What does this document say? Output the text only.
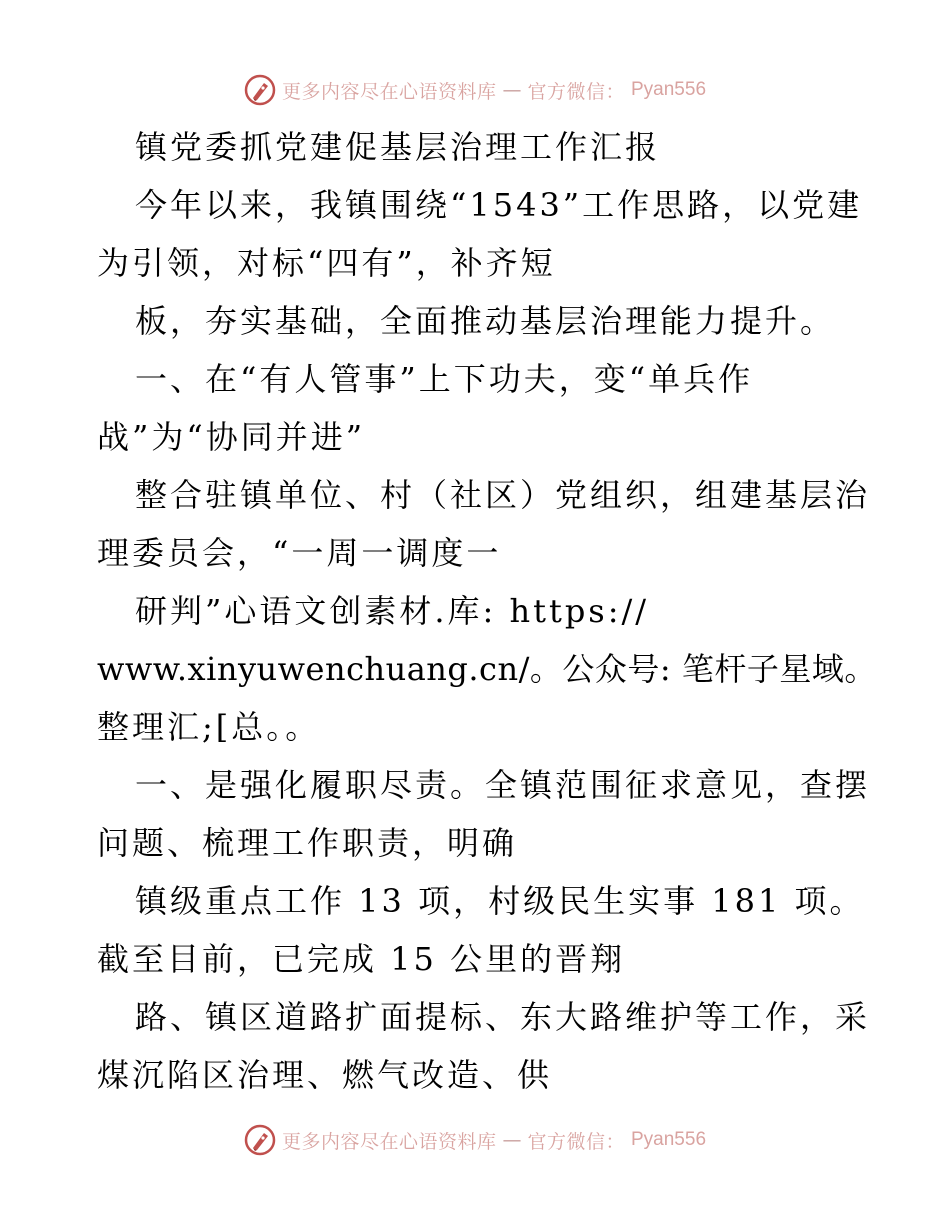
更多内容尽在心语资料库 — 官方微信： Pyan556
镇党委抓党建促基层治理工作汇报
今年以来，我镇围绕“1543”工作思路，以党建
为引领，对标“四有”，补齐短
板，夯实基础，全面推动基层治理能力提升。
一、在“有人管事”上下功夫，变“单兵作
战”为“协同并进”
整合驻镇单位、村（社区）党组织，组建基层治
理委员会，“一周一调度一
研判”心语文创素材.库: https://
www.xinyuwenchuang.cn/。公众号: 笔杆子星域。
整理汇;[总。。
一、是强化履职尽责。全镇范围征求意见，查摆
问题、梳理工作职责，明确
镇级重点工作 13 项，村级民生实事 181 项。
截至目前，已完成 15 公里的晋翔
路、镇区道路扩面提标、东大路维护等工作，采
煤沉陷区治理、燃气改造、供
更多内容尽在心语资料库 — 官方微信： Pyan556
